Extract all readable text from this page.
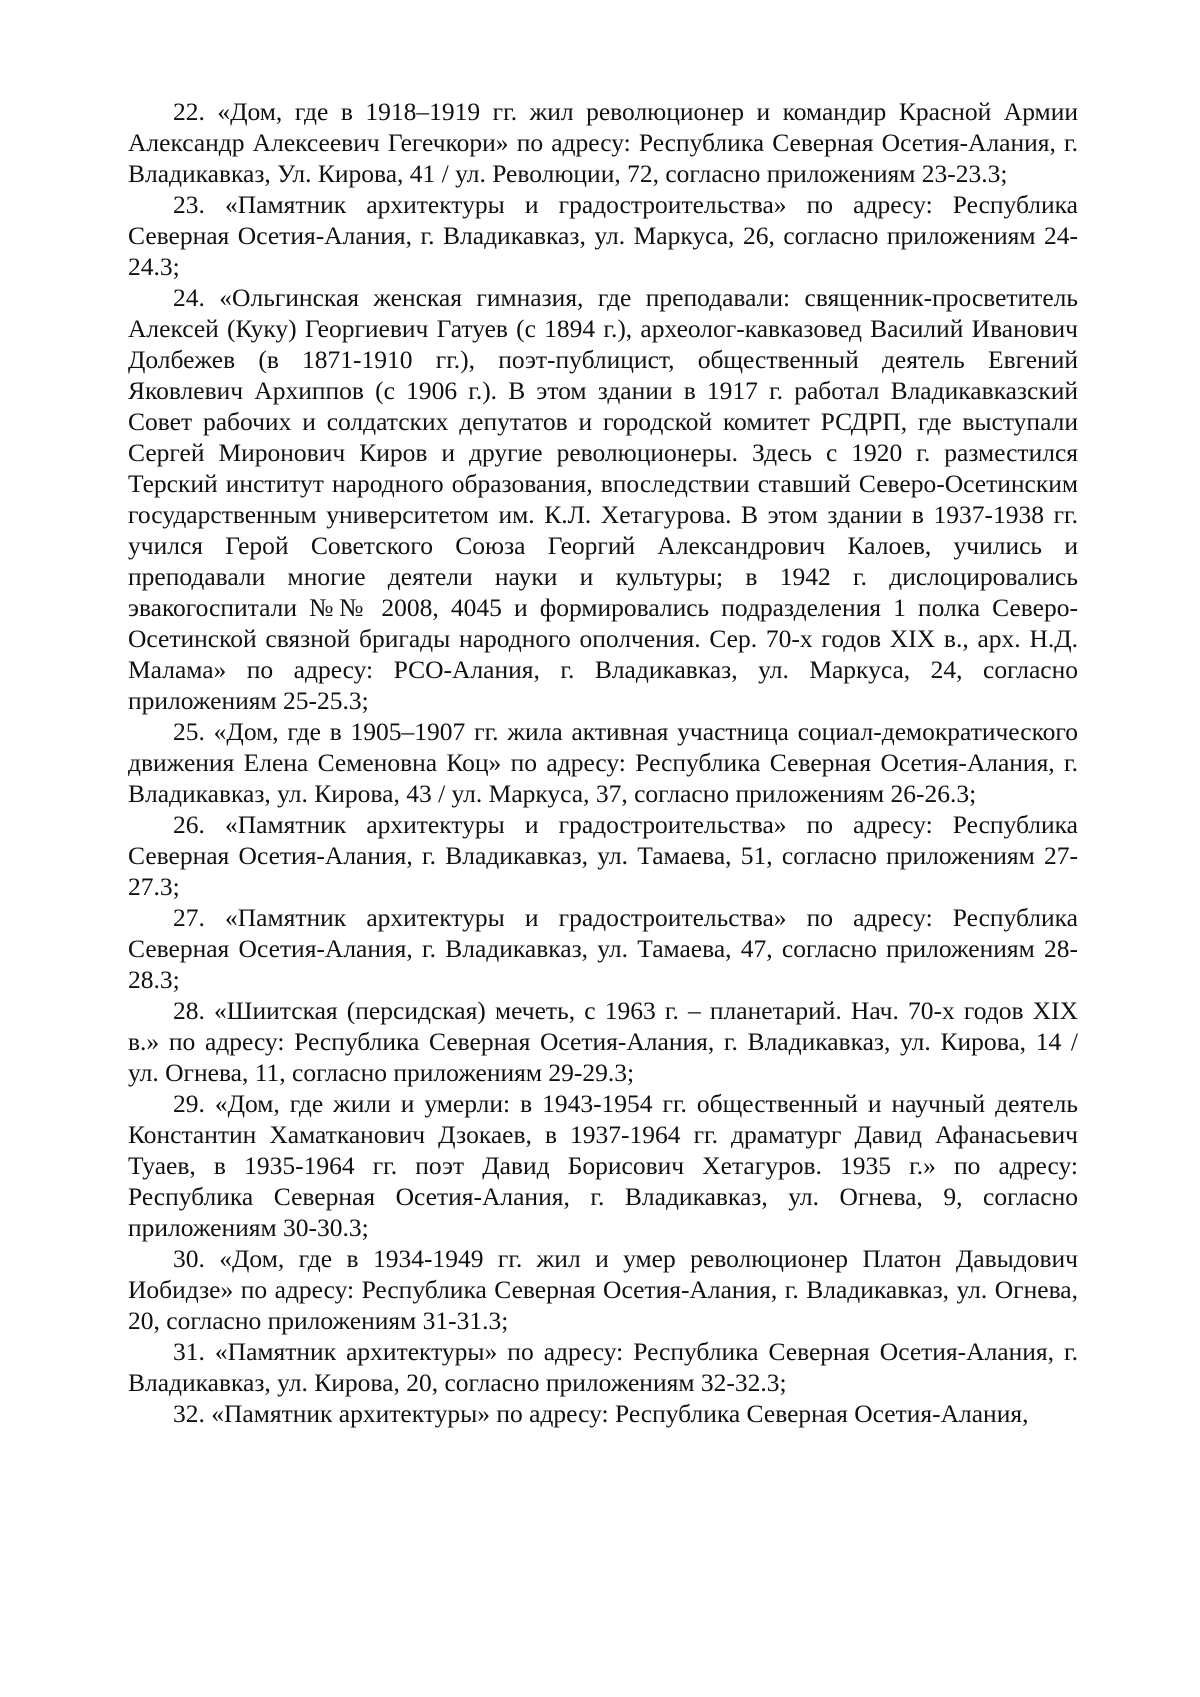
22. «Дом, где в 1918–1919 гг. жил революционер и командир Красной Армии Александр Алексеевич Гегечкори» по адресу: Республика Северная Осетия-Алания, г. Владикавказ, Ул. Кирова, 41 / ул. Революции, 72, согласно приложениям 23-23.3;

23. «Памятник архитектуры и градостроительства» по адресу: Республика Северная Осетия-Алания, г. Владикавказ, ул. Маркуса, 26, согласно приложениям 24-24.3;

24. «Ольгинская женская гимназия, где преподавали: священник-просветитель Алексей (Куку) Георгиевич Гатуев (с 1894 г.), археолог-кавказовед Василий Иванович Долбежев (в 1871-1910 гг.), поэт-публицист, общественный деятель Евгений Яковлевич Архиппов (с 1906 г.). В этом здании в 1917 г. работал Владикавказский Совет рабочих и солдатских депутатов и городской комитет РСДРП, где выступали Сергей Миронович Киров и другие революционеры. Здесь с 1920 г. разместился Терский институт народного образования, впоследствии ставший Северо-Осетинским государственным университетом им. К.Л. Хетагурова. В этом здании в 1937-1938 гг. учился Герой Советского Союза Георгий Александрович Калоев, учились и преподавали многие деятели науки и культуры; в 1942 г. дислоцировались эвакогоспитали №№ 2008, 4045 и формировались подразделения 1 полка Северо-Осетинской связной бригады народного ополчения. Сер. 70-х годов XIX в., арх. Н.Д. Малама» по адресу: РСО-Алания, г. Владикавказ, ул. Маркуса, 24, согласно приложениям 25-25.3;

25. «Дом, где в 1905–1907 гг. жила активная участница социал-демократического движения Елена Семеновна Коц» по адресу: Республика Северная Осетия-Алания, г. Владикавказ, ул. Кирова, 43 / ул. Маркуса, 37, согласно приложениям 26-26.3;

26. «Памятник архитектуры и градостроительства» по адресу: Республика Северная Осетия-Алания, г. Владикавказ, ул. Тамаева, 51, согласно приложениям 27-27.3;

27. «Памятник архитектуры и градостроительства» по адресу: Республика Северная Осетия-Алания, г. Владикавказ, ул. Тамаева, 47, согласно приложениям 28-28.3;

28. «Шиитская (персидская) мечеть, с 1963 г. – планетарий. Нач. 70-х годов XIX в.» по адресу: Республика Северная Осетия-Алания, г. Владикавказ, ул. Кирова, 14 / ул. Огнева, 11, согласно приложениям 29-29.3;

29. «Дом, где жили и умерли: в 1943-1954 гг. общественный и научный деятель Константин Хаматканович Дзокаев, в 1937-1964 гг. драматург Давид Афанасьевич Туаев, в 1935-1964 гг. поэт Давид Борисович Хетагуров. 1935 г.» по адресу: Республика Северная Осетия-Алания, г. Владикавказ, ул. Огнева, 9, согласно приложениям 30-30.3;

30. «Дом, где в 1934-1949 гг. жил и умер революционер Платон Давыдович Иобидзе» по адресу: Республика Северная Осетия-Алания, г. Владикавказ, ул. Огнева, 20, согласно приложениям 31-31.3;

31. «Памятник архитектуры» по адресу: Республика Северная Осетия-Алания, г. Владикавказ, ул. Кирова, 20, согласно приложениям 32-32.3;

32. «Памятник архитектуры» по адресу: Республика Северная Осетия-Алания,
